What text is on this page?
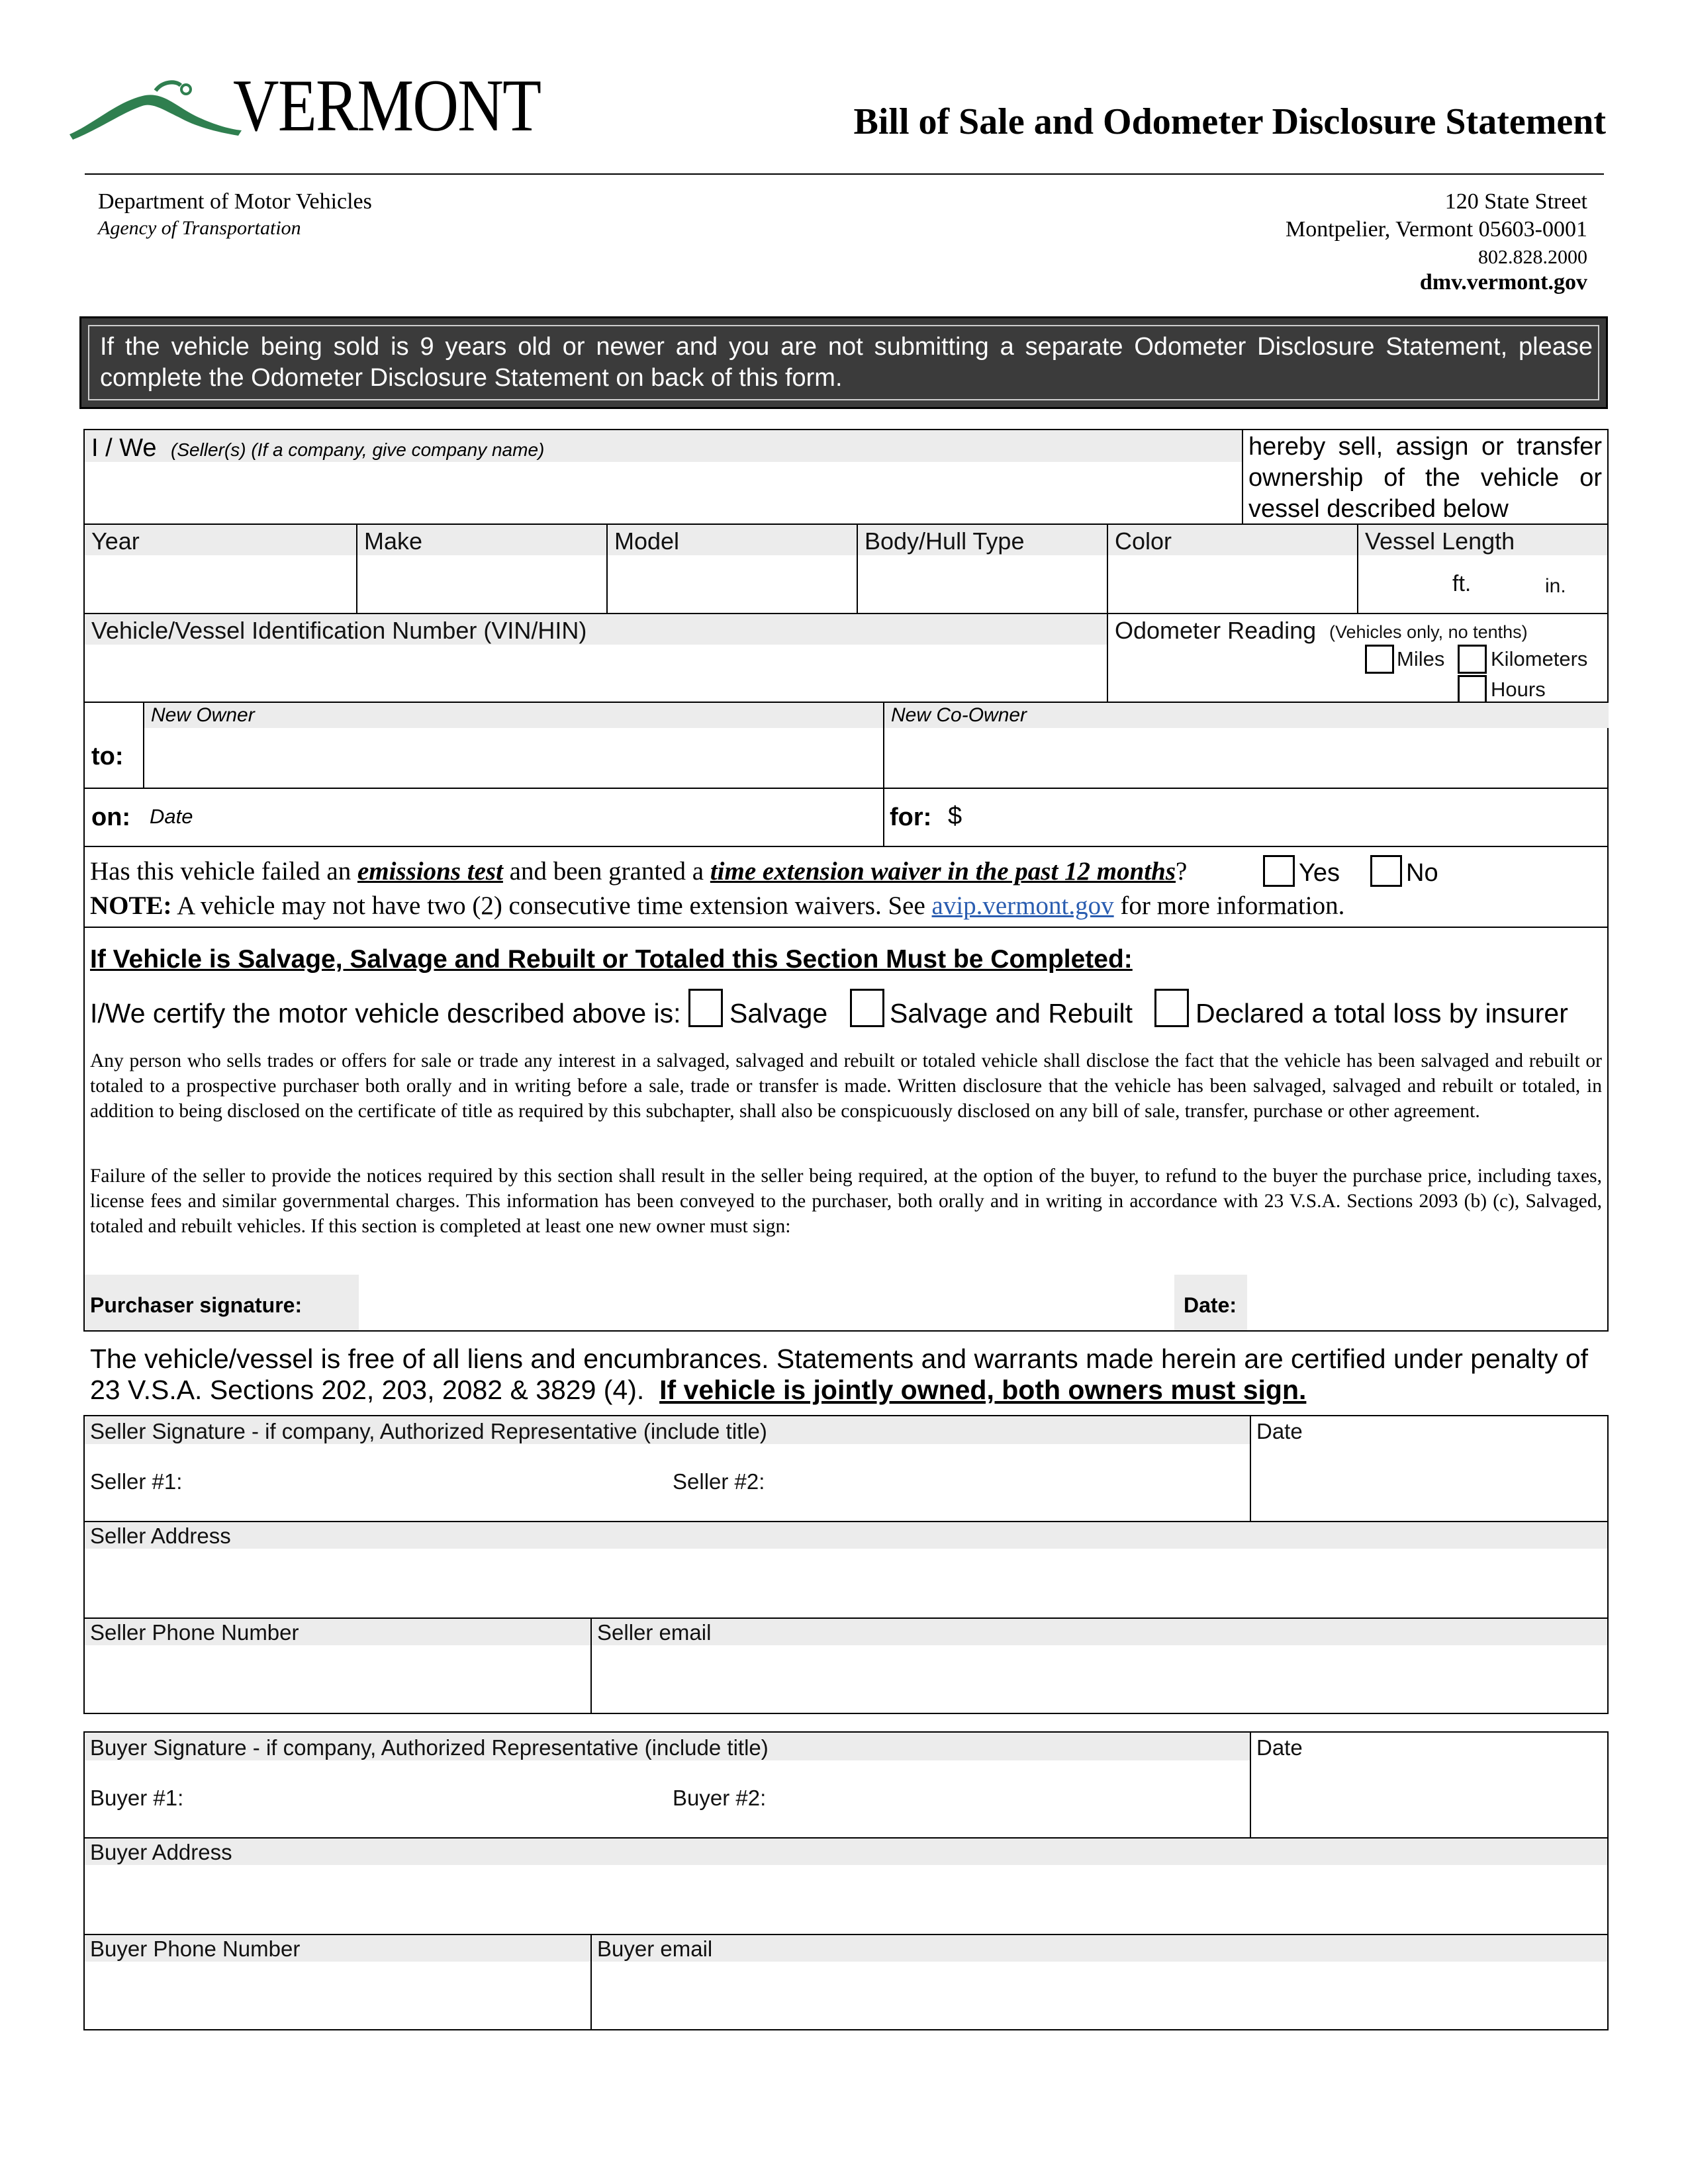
VERMONT	Bill of Sale and Odometer Disclosure Statement
Department of Motor Vehicles
Agency of Transportation
120 State Street
Montpelier, Vermont 05603-0001
802.828.2000
dmv.vermont.gov
If the vehicle being sold is 9 years old or newer and you are not submitting a separate Odometer Disclosure Statement, please complete the Odometer Disclosure Statement on back of this form.
I / We (Seller(s) (If a company, give company name)	hereby sell, assign or transfer ownership of the vehicle or vessel described below
Year	Make	Model	Body/Hull Type	Color	Vessel Length
ft.	in.
Vehicle/Vessel Identification Number (VIN/HIN)	Odometer Reading (Vehicles only, no tenths)
Miles Kilometers
Hours
to:
New Owner	New Co-Owner
on: Date	for: $
Has this vehicle failed an emissions test and been granted a time extension waiver in the past 12 months?	Yes	No
NOTE: A vehicle may not have two (2) consecutive time extension waivers. See avip.vermont.gov for more information.
If Vehicle is Salvage, Salvage and Rebuilt or Totaled this Section Must be Completed:
I/We certify the motor vehicle described above is: Salvage Salvage and Rebuilt Declared a total loss by insurer
Any person who sells trades or offers for sale or trade any interest in a salvaged, salvaged and rebuilt or totaled vehicle shall disclose the fact that the vehicle has been salvaged and rebuilt or totaled to a prospective purchaser both orally and in writing before a sale, trade or transfer is made. Written disclosure that the vehicle has been salvaged, salvaged and rebuilt or totaled, in addition to being disclosed on the certificate of title as required by this subchapter, shall also be conspicuously disclosed on any bill of sale, transfer, purchase or other agreement.
Failure of the seller to provide the notices required by this section shall result in the seller being required, at the option of the buyer, to refund to the buyer the purchase price, including taxes, license fees and similar governmental charges. This information has been conveyed to the purchaser, both orally and in writing in accordance with 23 V.S.A. Sections 2093 (b) (c), Salvaged, totaled and rebuilt vehicles. If this section is completed at least one new owner must sign:
Purchaser signature:	Date:
The vehicle/vessel is free of all liens and encumbrances. Statements and warrants made herein are certified under penalty of 23 V.S.A. Sections 202, 203, 2082 & 3829 (4). If vehicle is jointly owned, both owners must sign.
Seller Signature - if company, Authorized Representative (include title)
Seller #1:	Seller #2:
Date
Seller Address
Seller Phone Number	Seller email
Buyer Signature - if company, Authorized Representative (include title)
Buyer #1:	Buyer #2:
Date
Buyer Address
Buyer Phone Number	Buyer email
